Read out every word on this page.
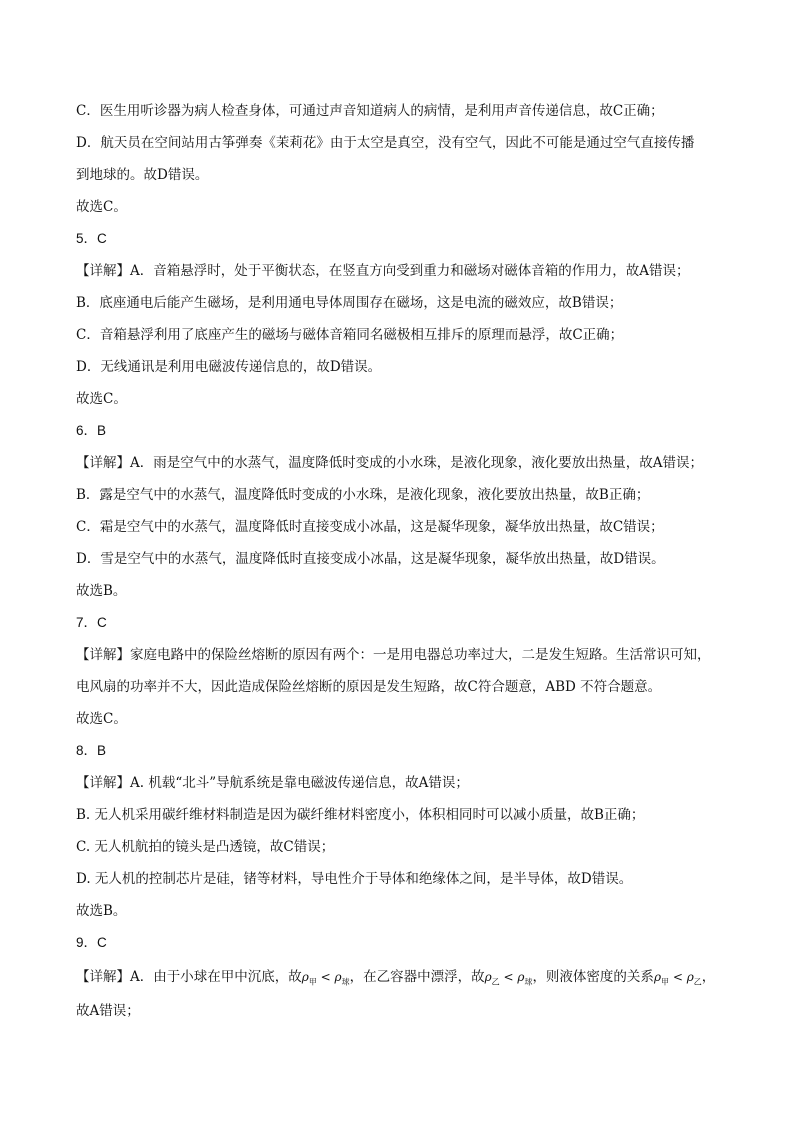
C．医生用听诊器为病人检查身体，可通过声音知道病人的病情，是利用声音传递信息，故C正确；
D．航天员在空间站用古筝弹奏《茉莉花》由于太空是真空，没有空气，因此不可能是通过空气直接传播
到地球的。故D错误。
故选C。
5．C
【详解】A．音箱悬浮时，处于平衡状态，在竖直方向受到重力和磁场对磁体音箱的作用力，故A错误；
B．底座通电后能产生磁场，是利用通电导体周围存在磁场，这是电流的磁效应，故B错误；
C．音箱悬浮利用了底座产生的磁场与磁体音箱同名磁极相互排斥的原理而悬浮，故C正确；
D．无线通讯是利用电磁波传递信息的，故D错误。
故选C。
6．B
【详解】A．雨是空气中的水蒸气，温度降低时变成的小水珠，是液化现象，液化要放出热量，故A错误；
B．露是空气中的水蒸气，温度降低时变成的小水珠，是液化现象，液化要放出热量，故B正确；
C．霜是空气中的水蒸气，温度降低时直接变成小冰晶，这是凝华现象，凝华放出热量，故C错误；
D．雪是空气中的水蒸气，温度降低时直接变成小冰晶，这是凝华现象，凝华放出热量，故D错误。
故选B。
7．C
【详解】家庭电路中的保险丝熔断的原因有两个：一是用电器总功率过大，二是发生短路。生活常识可知，
电风扇的功率并不大，因此造成保险丝熔断的原因是发生短路，故C符合题意，ABD 不符合题意。
故选C。
8．B
【详解】A. 机载“北斗”导航系统是靠电磁波传递信息，故A错误；
B. 无人机采用碳纤维材料制造是因为碳纤维材料密度小，体积相同时可以减小质量，故B正确；
C. 无人机航拍的镜头是凸透镜，故C错误；
D. 无人机的控制芯片是硅，锗等材料，导电性介于导体和绝缘体之间，是半导体，故D错误。
故选B。
9．C
【详解】A．由于小球在甲中沉底，故$\rho_甲 < \rho_球$，在乙容器中漂浮，故$\rho_乙 < \rho_球$，则液体密度的关系$\rho_甲 < \rho_乙$，
故A错误；
